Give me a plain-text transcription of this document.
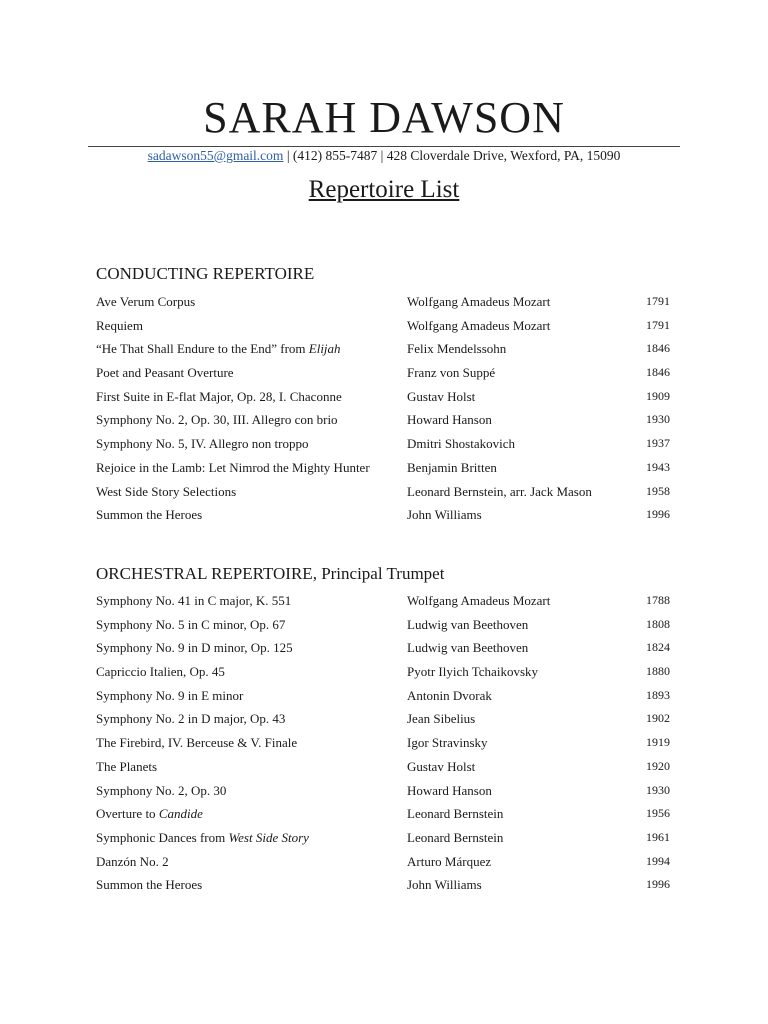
SARAH DAWSON
sadawson55@gmail.com | (412) 855-7487 | 428 Cloverdale Drive, Wexford, PA, 15090
Repertoire List
CONDUCTING REPERTOIRE
Ave Verum Corpus	Wolfgang Amadeus Mozart	1791
Requiem	Wolfgang Amadeus Mozart	1791
“He That Shall Endure to the End” from Elijah	Felix Mendelssohn	1846
Poet and Peasant Overture	Franz von Suppé	1846
First Suite in E-flat Major, Op. 28, I. Chaconne	Gustav Holst	1909
Symphony No. 2, Op. 30, III. Allegro con brio	Howard Hanson	1930
Symphony No. 5, IV. Allegro non troppo	Dmitri Shostakovich	1937
Rejoice in the Lamb: Let Nimrod the Mighty Hunter	Benjamin Britten	1943
West Side Story Selections	Leonard Bernstein, arr. Jack Mason	1958
Summon the Heroes	John Williams	1996
ORCHESTRAL REPERTOIRE, Principal Trumpet
Symphony No. 41 in C major, K. 551	Wolfgang Amadeus Mozart	1788
Symphony No. 5 in C minor, Op. 67	Ludwig van Beethoven	1808
Symphony No. 9 in D minor, Op. 125	Ludwig van Beethoven	1824
Capriccio Italien, Op. 45	Pyotr Ilyich Tchaikovsky	1880
Symphony No. 9 in E minor	Antonin Dvorak	1893
Symphony No. 2 in D major, Op. 43	Jean Sibelius	1902
The Firebird, IV. Berceuse & V. Finale	Igor Stravinsky	1919
The Planets	Gustav Holst	1920
Symphony No. 2, Op. 30	Howard Hanson	1930
Overture to Candide	Leonard Bernstein	1956
Symphonic Dances from West Side Story	Leonard Bernstein	1961
Danzón No. 2	Arturo Márquez	1994
Summon the Heroes	John Williams	1996
